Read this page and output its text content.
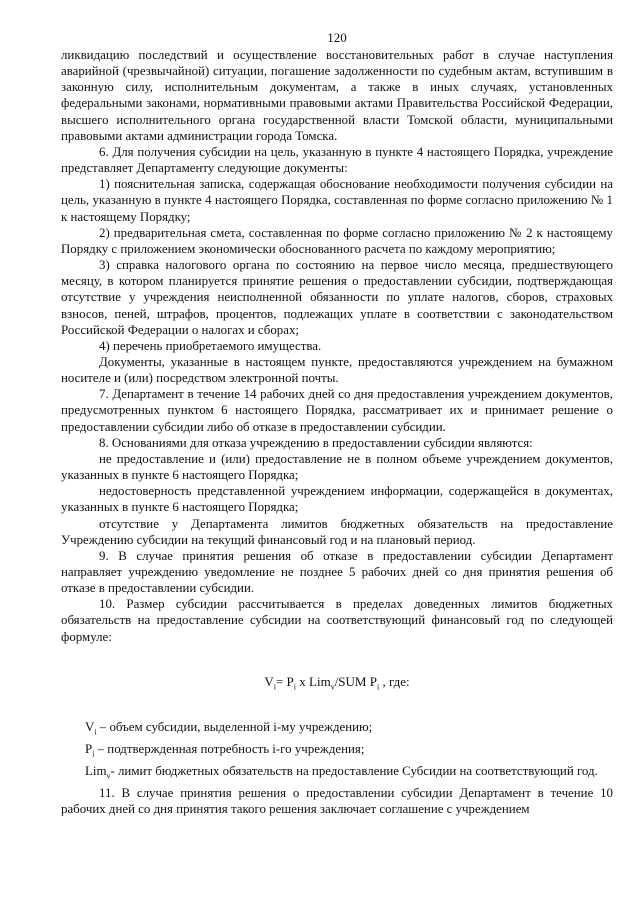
120

ликвидацию последствий и осуществление восстановительных работ в случае наступления аварийной (чрезвычайной) ситуации, погашение задолженности по судебным актам, вступившим в законную силу, исполнительным документам, а также в иных случаях, установленных федеральными законами, нормативными правовыми актами Правительства Российской Федерации, высшего исполнительного органа государственной власти Томской области, муниципальными правовыми актами администрации города Томска.

6. Для получения субсидии на цель, указанную в пункте 4 настоящего Порядка, учреждение представляет Департаменту следующие документы:

1) пояснительная записка, содержащая обоснование необходимости получения субсидии на цель, указанную в пункте 4 настоящего Порядка, составленная по форме согласно приложению № 1 к настоящему Порядку;

2) предварительная смета, составленная по форме согласно приложению № 2 к настоящему Порядку с приложением экономически обоснованного расчета по каждому мероприятию;

3) справка налогового органа по состоянию на первое число месяца, предшествующего месяцу, в котором планируется принятие решения о предоставлении субсидии, подтверждающая отсутствие у учреждения неисполненной обязанности по уплате налогов, сборов, страховых взносов, пеней, штрафов, процентов, подлежащих уплате в соответствии с законодательством Российской Федерации о налогах и сборах;

4) перечень приобретаемого имущества.

Документы, указанные в настоящем пункте, предоставляются учреждением на бумажном носителе и (или) посредством электронной почты.

7. Департамент в течение 14 рабочих дней со дня предоставления учреждением документов, предусмотренных пунктом 6 настоящего Порядка, рассматривает их и принимает решение о предоставлении субсидии либо об отказе в предоставлении субсидии.

8. Основаниями для отказа учреждению в предоставлении субсидии являются:

не предоставление и (или) предоставление не в полном объеме учреждением документов, указанных в пункте 6 настоящего Порядка;

недостоверность представленной учреждением информации, содержащейся в документах, указанных в пункте 6 настоящего Порядка;

отсутствие у Департамента лимитов бюджетных обязательств на предоставление Учреждению субсидии на текущий финансовый год и на плановый период.

9. В случае принятия решения об отказе в предоставлении субсидии Департамент направляет учреждению уведомление не позднее 5 рабочих дней со дня принятия решения об отказе в предоставлении субсидии.

10. Размер субсидии рассчитывается в пределах доведенных лимитов бюджетных обязательств на предоставление субсидии на соответствующий финансовый год по следующей формуле:

$V_i= P_i$ x Lim$_v$/SUM $P_i$ , где:

$V_i$ – объем субсидии, выделенной i-му учреждению;

$P_i$ – подтвержденная потребность i-го учреждения;

Lim$_v$- лимит бюджетных обязательств на предоставление Субсидии на соответствующий год.

11. В случае принятия решения о предоставлении субсидии Департамент в течение 10 рабочих дней со дня принятия такого решения заключает соглашение с учреждением
